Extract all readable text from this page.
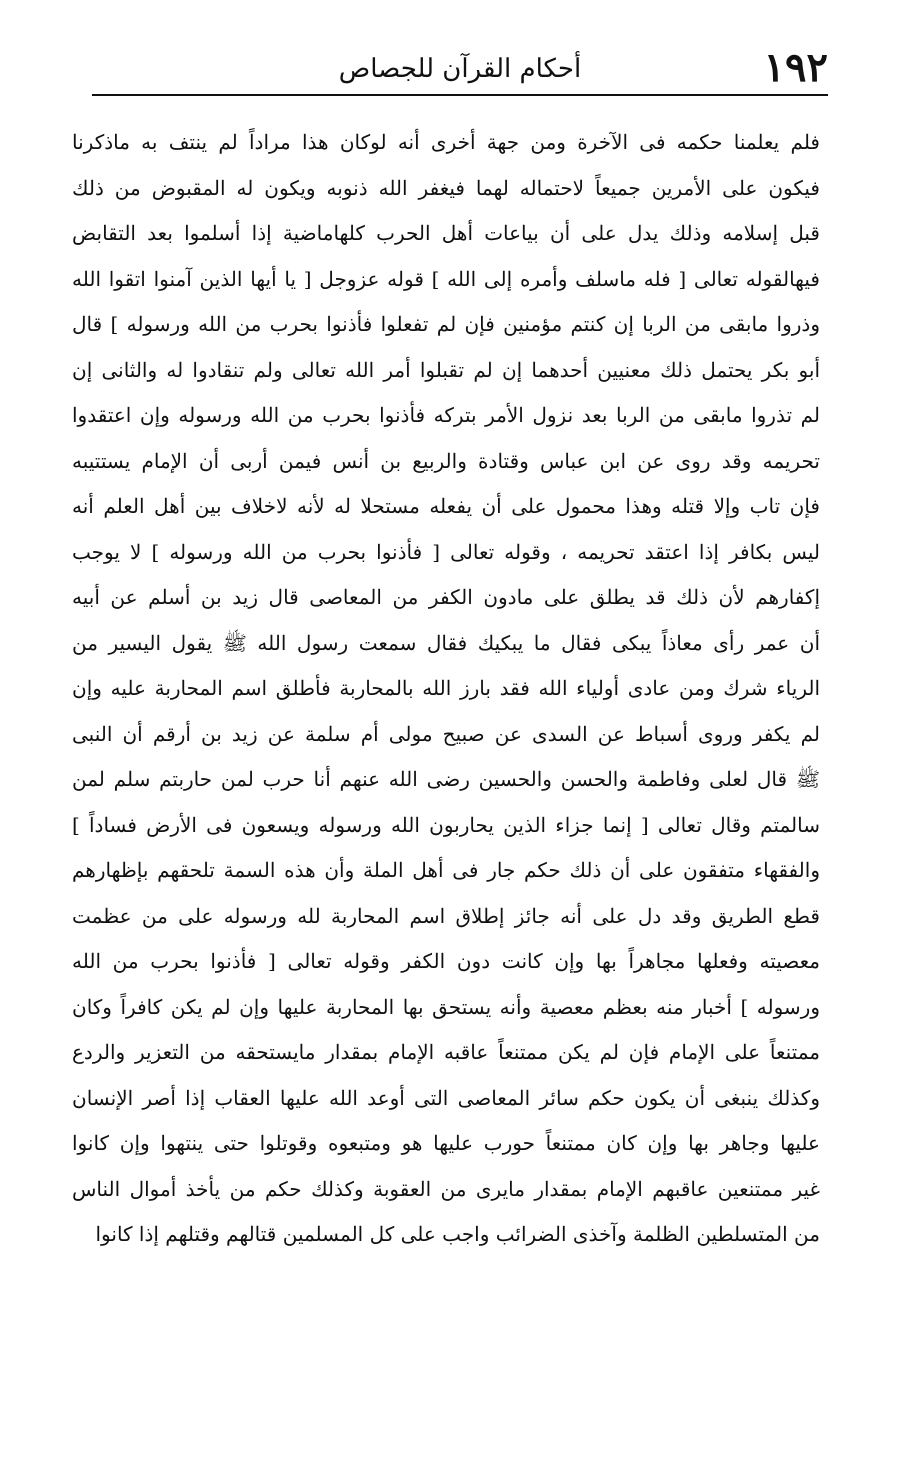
١٩٢
أحكام القرآن للجصاص
فلم يعلمنا حكمه فى الآخرة ومن جهة أخرى أنه لوكان هذا مراداً لم ينتف به ماذكرنا
فيكون على الأمرين جميعاً لاحتماله لهما فيغفر الله ذنوبه ويكون له المقبوض من ذلك
قبل إسلامه وذلك يدل على أن بياعات أهل الحرب كلهاماضية إذا أسلموا بعد التقابض
فيهالقوله تعالى [ فله ماسلف وأمره إلى الله ] قوله عزوجل [ يا أيها الذين آمنوا اتقوا الله
وذروا مابقى من الربا إن كنتم مؤمنين فإن لم تفعلوا فأذنوا بحرب من الله ورسوله ] قال
أبو بكر يحتمل ذلك معنيين أحدهما إن لم تقبلوا أمر الله تعالى ولم تنقادوا له والثانى إن
لم تذروا مابقى من الربا بعد نزول الأمر بتركه فأذنوا بحرب من الله ورسوله وإن اعتقدوا
تحريمه وقد روى عن ابن عباس وقتادة والربيع بن أنس فيمن أربى أن الإمام يستتيبه
فإن تاب وإلا قتله وهذا محمول على أن يفعله مستحلا له لأنه لاخلاف بين أهل العلم أنه
ليس بكافر إذا اعتقد تحريمه ، وقوله تعالى [ فأذنوا بحرب من الله ورسوله ] لا يوجب
إكفارهم لأن ذلك قد يطلق على مادون الكفر من المعاصى قال زيد بن أسلم عن أبيه
أن عمر رأى معاذاً يبكى فقال ما يبكيك فقال سمعت رسول الله ﷺ يقول اليسير من
الرياء شرك ومن عادى أولياء الله فقد بارز الله بالمحاربة فأطلق اسم المحاربة عليه وإن
لم يكفر وروى أسباط عن السدى عن صبيح مولى أم سلمة عن زيد بن أرقم أن النبى
ﷺ قال لعلى وفاطمة والحسن والحسين رضى الله عنهم أنا حرب لمن حاربتم سلم لمن
سالمتم وقال تعالى [ إنما جزاء الذين يحاربون الله ورسوله ويسعون فى الأرض فساداً ]
والفقهاء متفقون على أن ذلك حكم جار فى أهل الملة وأن هذه السمة تلحقهم بإظهارهم
قطع الطريق وقد دل على أنه جائز إطلاق اسم المحاربة لله ورسوله على من عظمت
معصيته وفعلها مجاهراً بها وإن كانت دون الكفر وقوله تعالى [ فأذنوا بحرب من الله
ورسوله ] أخبار منه بعظم معصية وأنه يستحق بها المحاربة عليها وإن لم يكن كافراً وكان
ممتنعاً على الإمام فإن لم يكن ممتنعاً عاقبه الإمام بمقدار مايستحقه من التعزير والردع
وكذلك ينبغى أن يكون حكم سائر المعاصى التى أوعد الله عليها العقاب إذا أصر الإنسان
عليها وجاهر بها وإن كان ممتنعاً حورب عليها هو ومتبعوه وقوتلوا حتى ينتهوا وإن كانوا
غير ممتنعين عاقبهم الإمام بمقدار مايرى من العقوبة وكذلك حكم من يأخذ أموال الناس
من المتسلطين الظلمة وآخذى الضرائب واجب على كل المسلمين قتالهم وقتلهم إذا كانوا
